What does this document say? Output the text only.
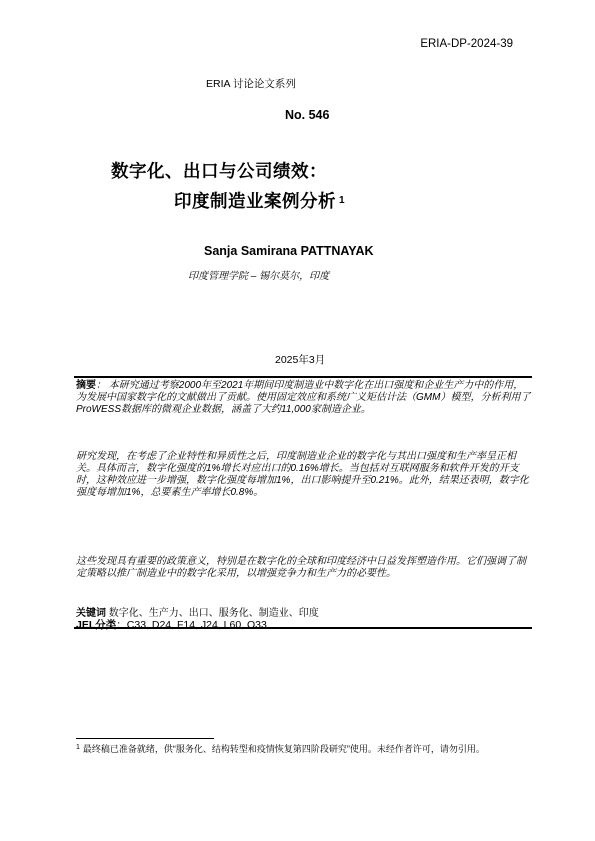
ERIA-DP-2024-39
ERIA 讨论论文系列
No. 546
数字化、出口与公司绩效：
印度制造业案例分析 $^1$
Sanja Samirana PATTNAYAK
印度管理学院 – 锡尔莫尔，印度
2025年3月
摘要： 本研究通过考察2000年至2021年期间印度制造业中数字化在出口强度和企业生产力中的作用，为发展中国家数字化的文献做出了贡献。使用固定效应和系统广义矩估计法（GMM）模型，分析利用了ProWESS数据库的微观企业数据，涵盖了大约11,000家制造企业。
研究发现，在考虑了企业特性和异质性之后，印度制造业企业的数字化与其出口强度和生产率呈正相关。具体而言，数字化强度的1%增长对应出口的0.16%增长。当包括对互联网服务和软件开发的开支时，这种效应进一步增强，数字化强度每增加1%，出口影响提升至0.21%。此外，结果还表明，数字化强度每增加1%，总要素生产率增长0.8%。
这些发现具有重要的政策意义，特别是在数字化的全球和印度经济中日益发挥塑造作用。它们强调了制定策略以推广制造业中的数字化采用，以增强竞争力和生产力的必要性。
关键词 数字化、生产力、出口、服务化、制造业、印度
JEL分类：C33, D24, F14, J24, L60, O33
$^1$ 最终稿已准备就绪，供“服务化、结构转型和疫情恢复第四阶段研究”使用。未经作者许可，请勿引用。
